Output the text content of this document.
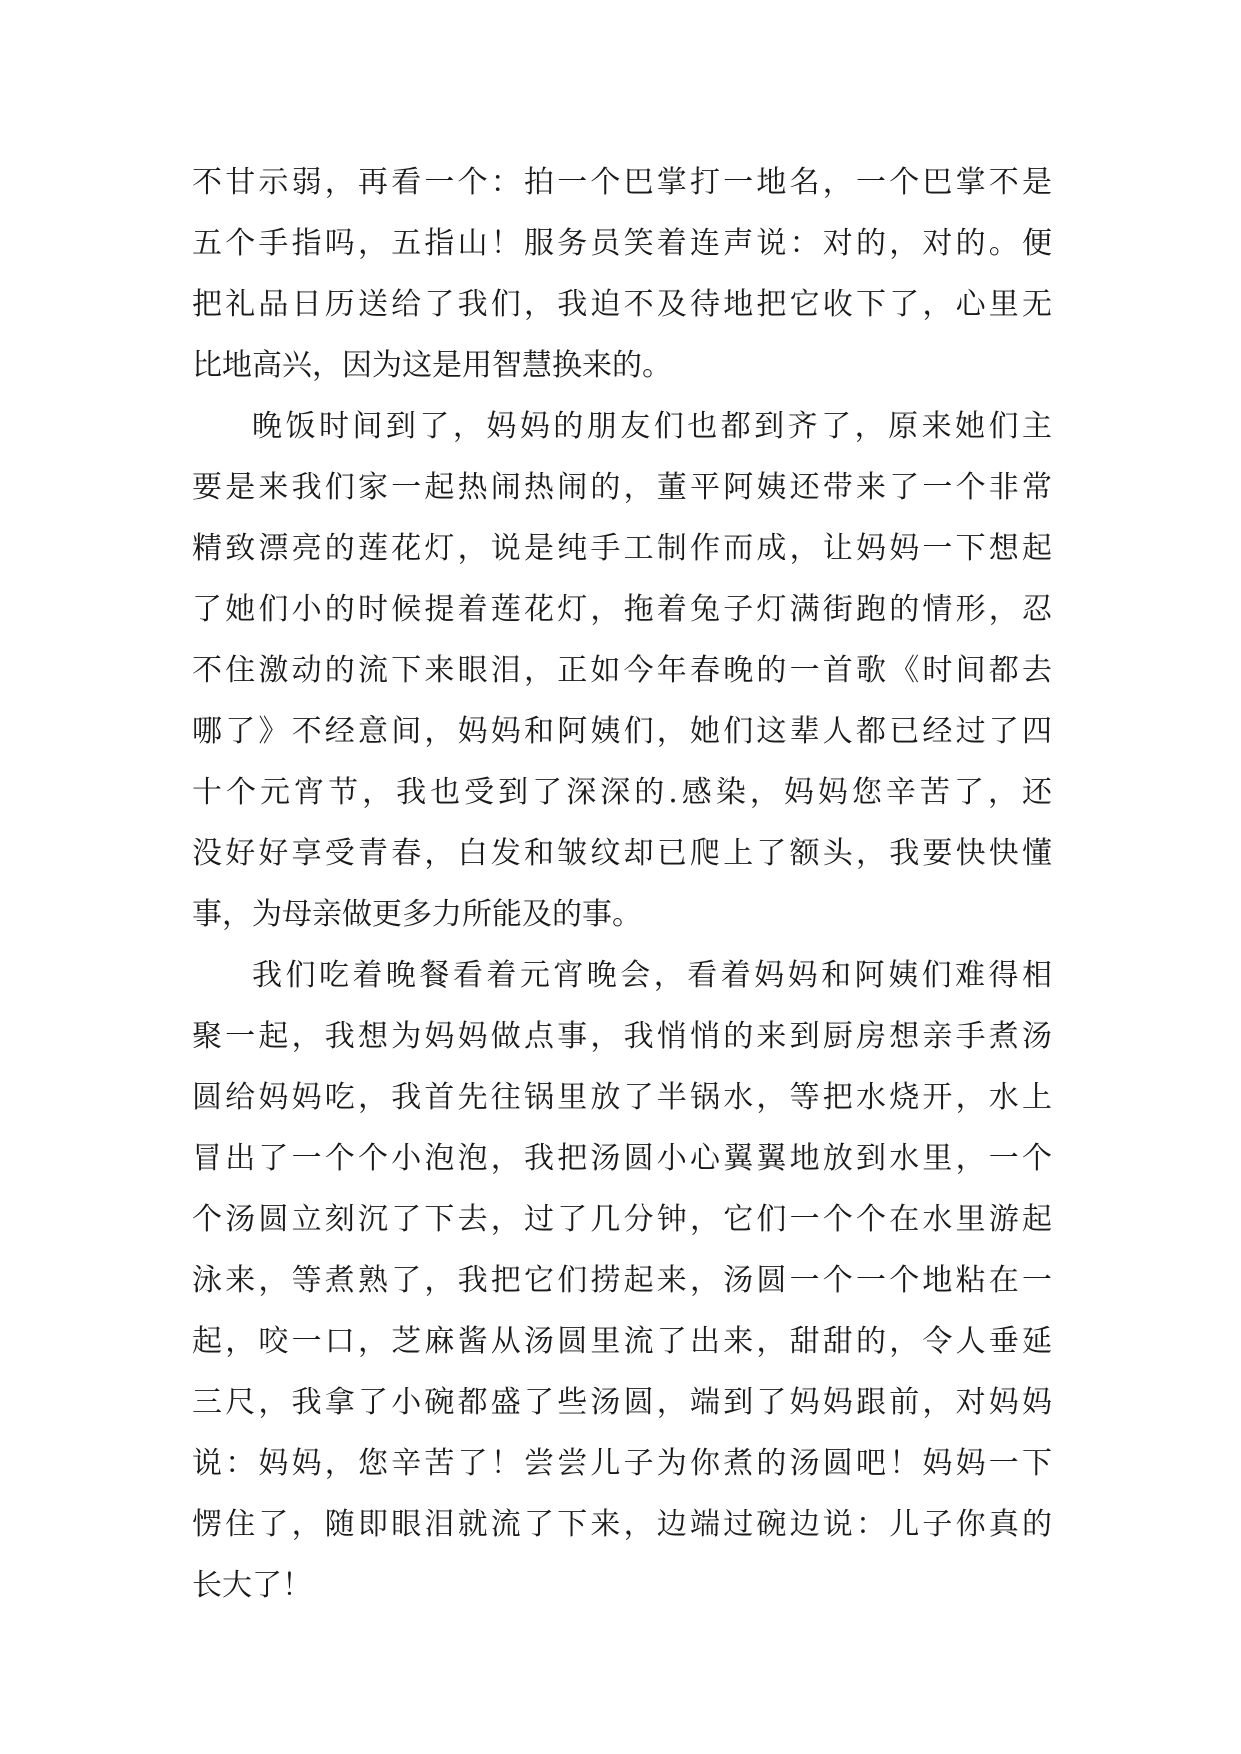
不甘示弱，再看一个：拍一个巴掌打一地名，一个巴掌不是
五个手指吗，五指山！服务员笑着连声说：对的，对的。便
把礼品日历送给了我们，我迫不及待地把它收下了，心里无
比地高兴，因为这是用智慧换来的。
晚饭时间到了，妈妈的朋友们也都到齐了，原来她们主
要是来我们家一起热闹热闹的，董平阿姨还带来了一个非常
精致漂亮的莲花灯，说是纯手工制作而成，让妈妈一下想起
了她们小的时候提着莲花灯，拖着兔子灯满街跑的情形，忍
不住激动的流下来眼泪，正如今年春晚的一首歌《时间都去
哪了》不经意间，妈妈和阿姨们，她们这辈人都已经过了四
十个元宵节，我也受到了深深的.感染，妈妈您辛苦了，还
没好好享受青春，白发和皱纹却已爬上了额头，我要快快懂
事，为母亲做更多力所能及的事。
我们吃着晚餐看着元宵晚会，看着妈妈和阿姨们难得相
聚一起，我想为妈妈做点事，我悄悄的来到厨房想亲手煮汤
圆给妈妈吃，我首先往锅里放了半锅水，等把水烧开，水上
冒出了一个个小泡泡，我把汤圆小心翼翼地放到水里，一个
个汤圆立刻沉了下去，过了几分钟，它们一个个在水里游起
泳来，等煮熟了，我把它们捞起来，汤圆一个一个地粘在一
起，咬一口，芝麻酱从汤圆里流了出来，甜甜的，令人垂延
三尺，我拿了小碗都盛了些汤圆，端到了妈妈跟前，对妈妈
说：妈妈，您辛苦了！尝尝儿子为你煮的汤圆吧！妈妈一下
愣住了，随即眼泪就流了下来，边端过碗边说：儿子你真的
长大了！
